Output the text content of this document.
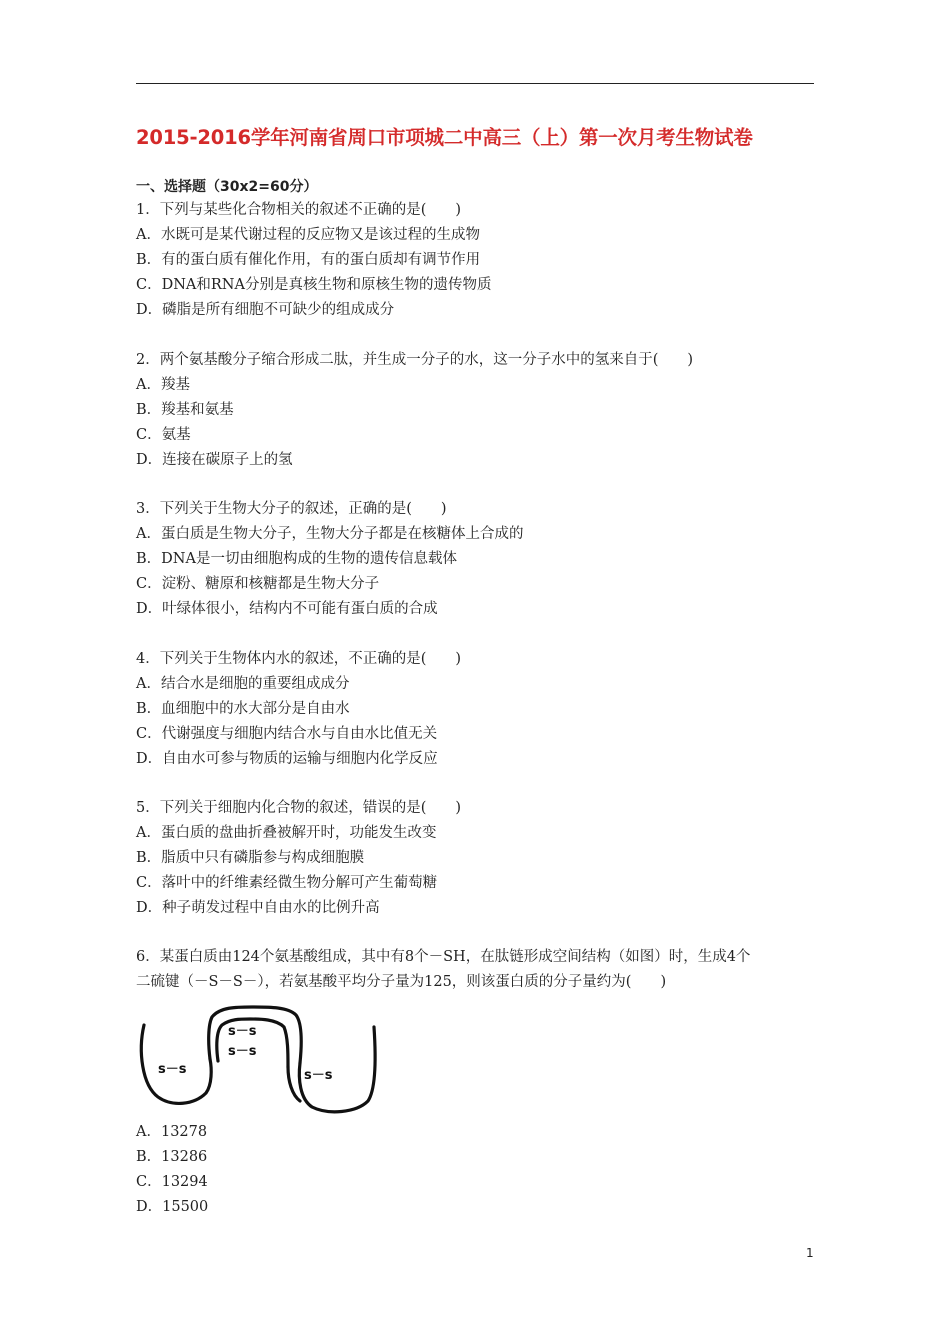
2015-2016学年河南省周口市项城二中高三（上）第一次月考生物试卷
一、选择题（30x2=60分）
1．下列与某些化合物相关的叙述不正确的是(　　)
A．水既可是某代谢过程的反应物又是该过程的生成物
B．有的蛋白质有催化作用，有的蛋白质却有调节作用
C．DNA和RNA分别是真核生物和原核生物的遗传物质
D．磷脂是所有细胞不可缺少的组成成分
2．两个氨基酸分子缩合形成二肽，并生成一分子的水，这一分子水中的氢来自于(　　)
A．羧基
B．羧基和氨基
C．氨基
D．连接在碳原子上的氢
3．下列关于生物大分子的叙述，正确的是(　　)
A．蛋白质是生物大分子，生物大分子都是在核糖体上合成的
B．DNA是一切由细胞构成的生物的遗传信息载体
C．淀粉、糖原和核糖都是生物大分子
D．叶绿体很小，结构内不可能有蛋白质的合成
4．下列关于生物体内水的叙述，不正确的是(　　)
A．结合水是细胞的重要组成成分
B．血细胞中的水大部分是自由水
C．代谢强度与细胞内结合水与自由水比值无关
D．自由水可参与物质的运输与细胞内化学反应
5．下列关于细胞内化合物的叙述，错误的是(　　)
A．蛋白质的盘曲折叠被解开时，功能发生改变
B．脂质中只有磷脂参与构成细胞膜
C．落叶中的纤维素经微生物分解可产生葡萄糖
D．种子萌发过程中自由水的比例升高
6．某蛋白质由124个氨基酸组成，其中有8个－SH，在肽链形成空间结构（如图）时，生成4个
二硫键（－S－S－），若氨基酸平均分子量为125，则该蛋白质的分子量约为(　　)
s－s
s－s
s－s	s－s
A．13278
B．13286
C．13294
D．15500
1
